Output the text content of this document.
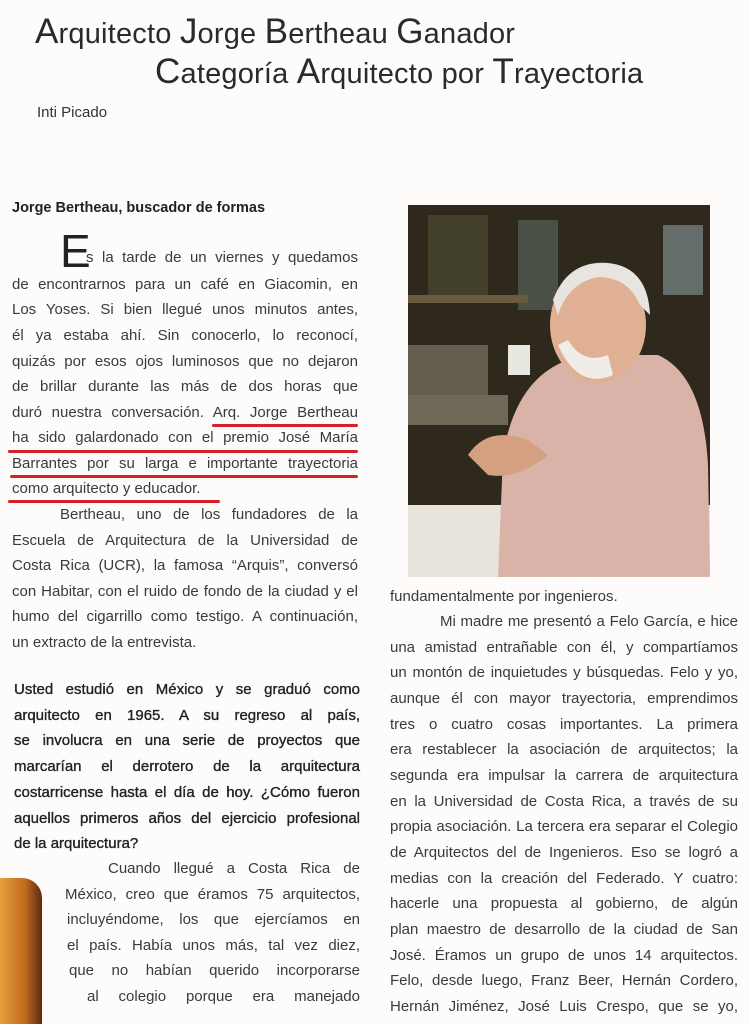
Arquitecto Jorge Bertheau Ganador
Categoría Arquitecto por Trayectoria
Inti Picado
Jorge Bertheau, buscador de formas
E
s la tarde de un viernes y quedamos
de encontrarnos para un café en Giacomin, en
Los Yoses. Si bien llegué unos minutos antes,
él ya estaba ahí. Sin conocerlo, lo reconocí,
quizás por esos ojos luminosos que no dejaron
de brillar durante las más de dos horas que
duró nuestra conversación. Arq. Jorge Bertheau
ha sido galardonado con el premio José María
Barrantes por su larga e importante trayectoria
como arquitecto y educador.
Bertheau, uno de los fundadores de la
Escuela de Arquitectura de la Universidad de
Costa Rica (UCR), la famosa “Arquis”, conversó
con Habitar, con el ruido de fondo de la ciudad y el
humo del cigarrillo como testigo. A continuación,
un extracto de la entrevista.
Usted estudió en México y se graduó como
arquitecto en 1965. A su regreso al país,
se involucra en una serie de proyectos que
marcarían el derrotero de la arquitectura
costarricense hasta el día de hoy. ¿Cómo fueron
aquellos primeros años del ejercicio profesional
de la arquitectura?
Cuando llegué a Costa Rica de
México, creo que éramos 75 arquitectos,
incluyéndome, los que ejercíamos en
el país. Había unos más, tal vez diez,
que no habían querido incorporarse
al colegio porque era manejado
fundamentalmente por ingenieros.
Mi madre me presentó a Felo García, e hice
una amistad entrañable con él, y compartíamos
un montón de inquietudes y búsquedas. Felo y yo,
aunque él con mayor trayectoria, emprendimos
tres o cuatro cosas importantes. La primera
era restablecer la asociación de arquitectos; la
segunda era impulsar la carrera de arquitectura
en la Universidad de Costa Rica, a través de su
propia asociación. La tercera era separar el Colegio
de Arquitectos del de Ingenieros. Eso se logró a
medias con la creación del Federado. Y cuatro:
hacerle una propuesta al gobierno, de algún
plan maestro de desarrollo de la ciudad de San
José. Éramos un grupo de unos 14 arquitectos.
Felo, desde luego, Franz Beer, Hernán Cordero,
Hernán Jiménez, José Luis Crespo, que se yo,
